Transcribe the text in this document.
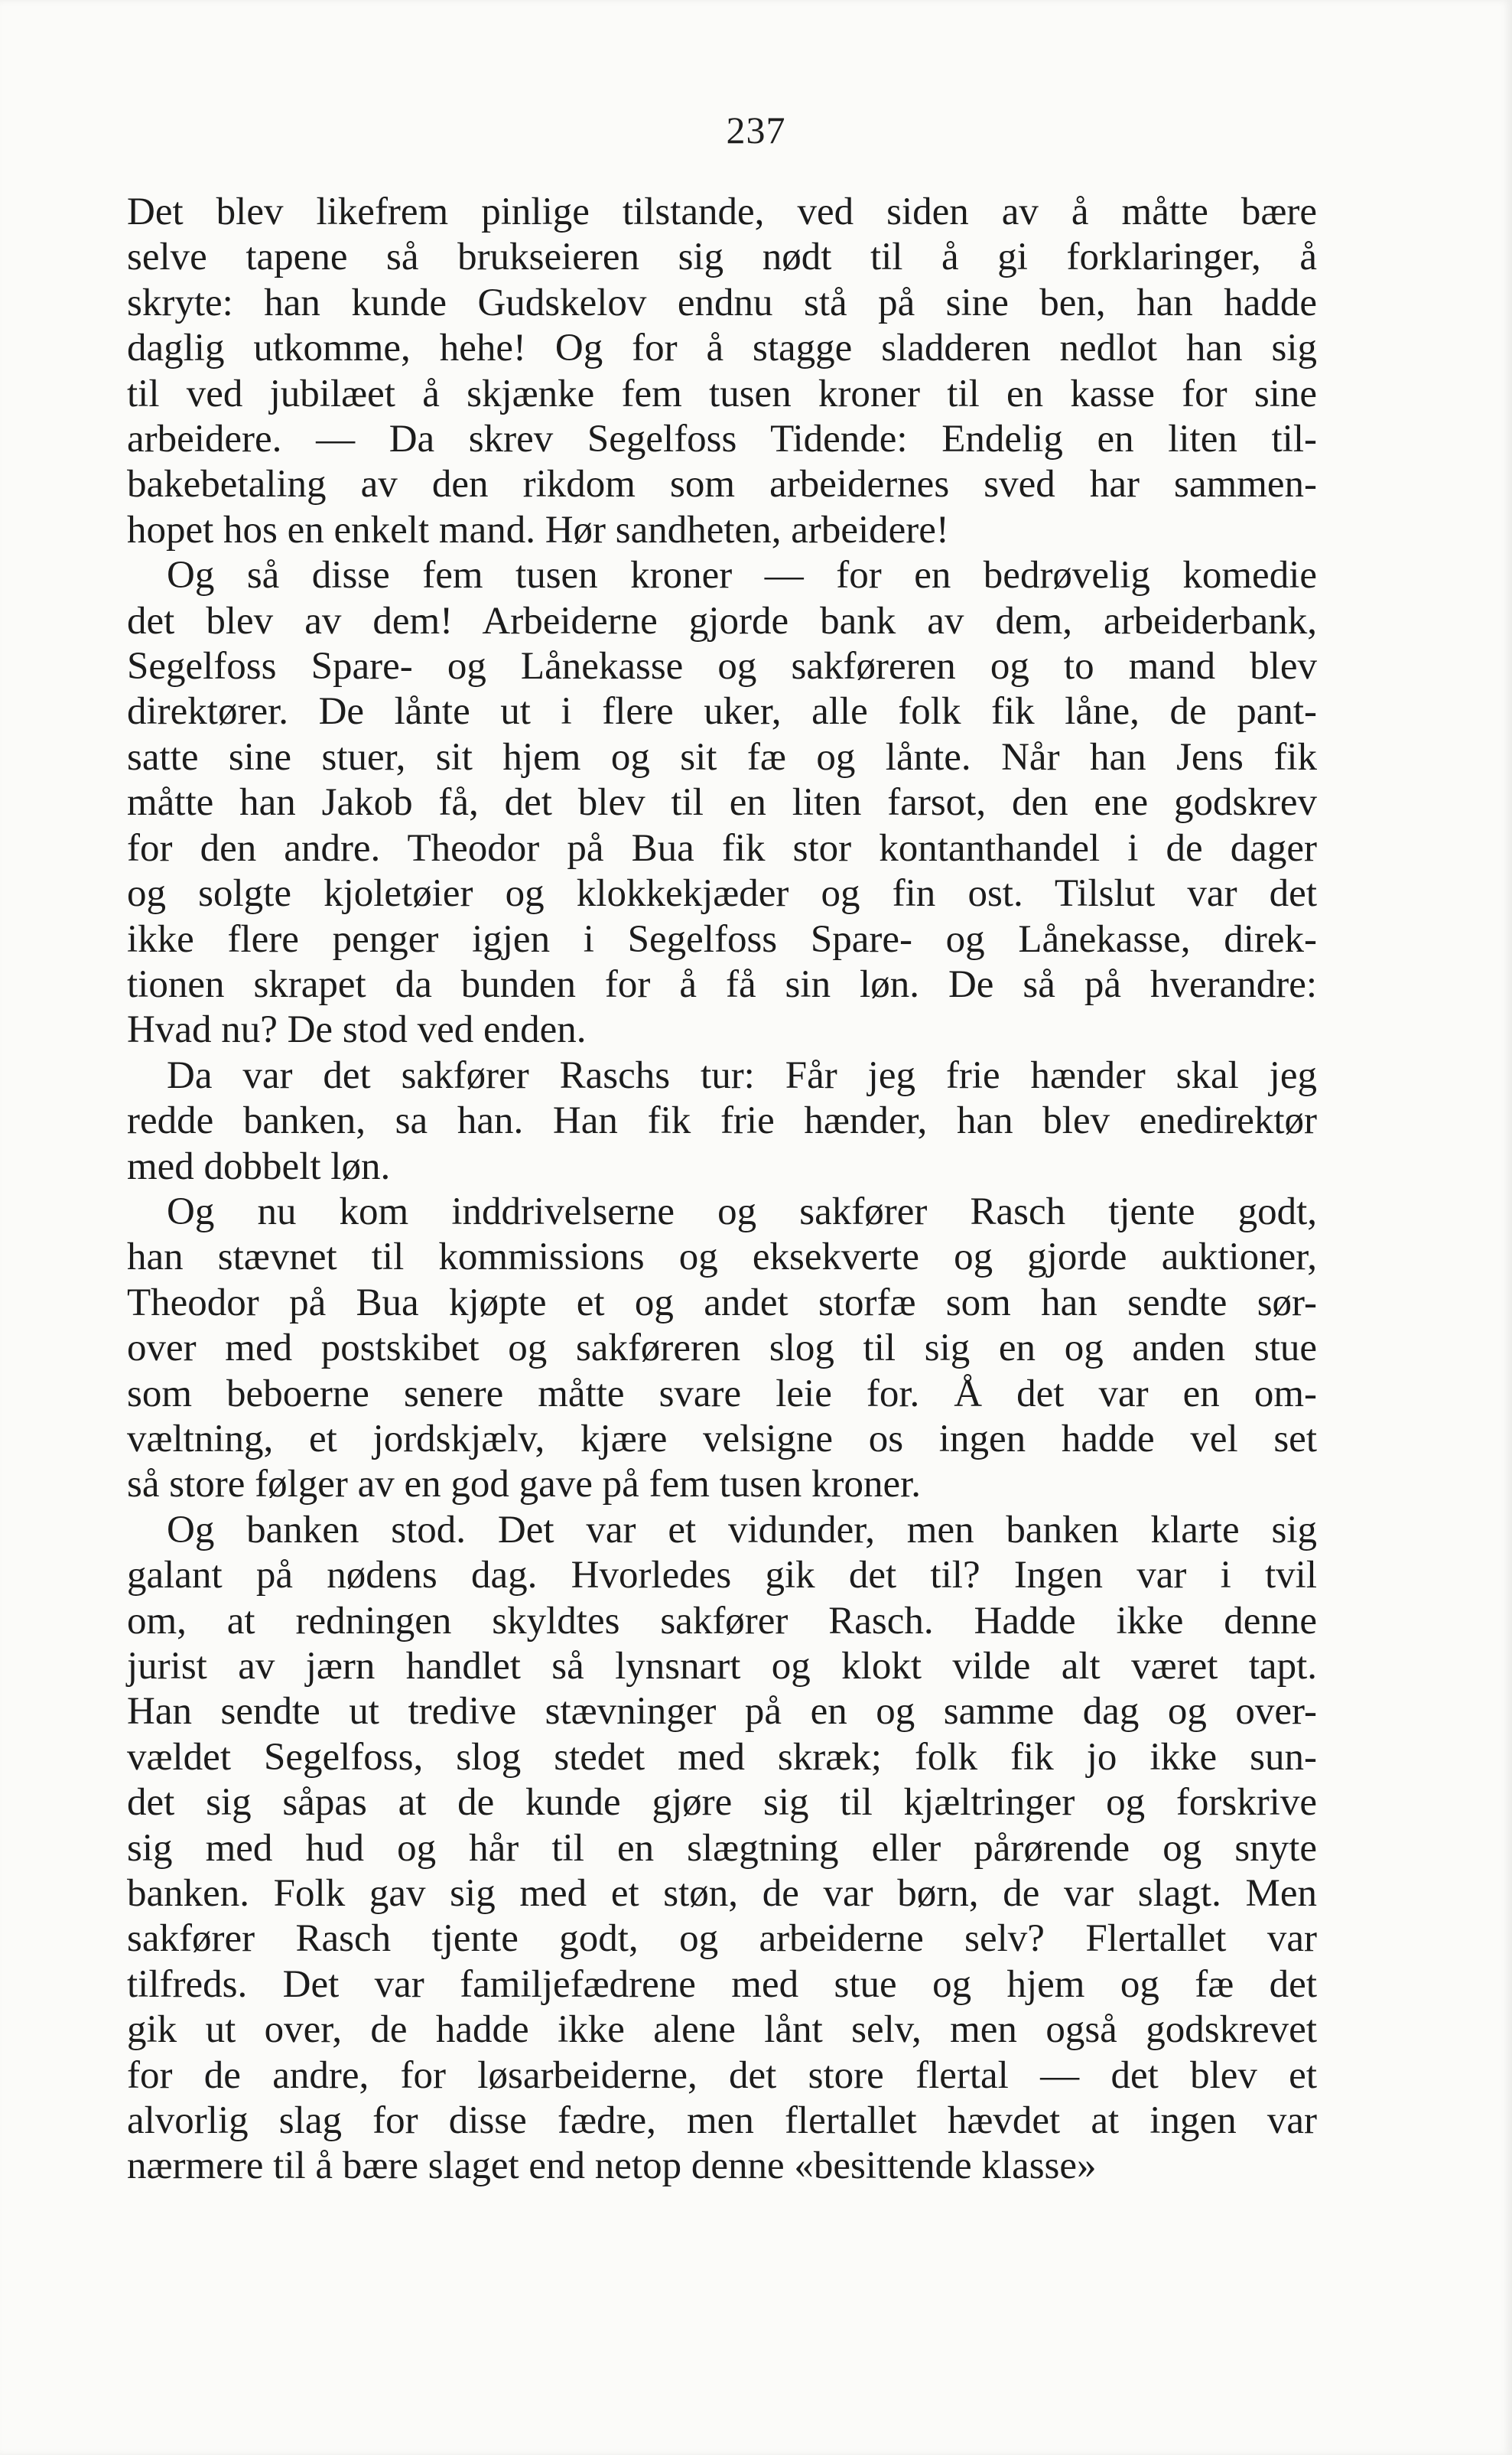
237

Det blev likefrem pinlige tilstande, ved siden av å måtte bære
selve tapene så brukseieren sig nødt til å gi forklaringer, å
skryte: han kunde Gudskelov endnu stå på sine ben, han hadde
daglig utkomme, hehe! Og for å stagge sladderen nedlot han sig
til ved jubilæet å skjænke fem tusen kroner til en kasse for sine
arbeidere. — Da skrev Segelfoss Tidende: Endelig en liten til-
bakebetaling av den rikdom som arbeidernes sved har sammen-
hopet hos en enkelt mand. Hør sandheten, arbeidere!

Og så disse fem tusen kroner — for en bedrøvelig komedie
det blev av dem! Arbeiderne gjorde bank av dem, arbeiderbank,
Segelfoss Spare- og Lånekasse og sakføreren og to mand blev
direktører. De lånte ut i flere uker, alle folk fik låne, de pant-
satte sine stuer, sit hjem og sit fæ og lånte. Når han Jens fik
måtte han Jakob få, det blev til en liten farsot, den ene godskrev
for den andre. Theodor på Bua fik stor kontanthandel i de dager
og solgte kjoletøier og klokkekjæder og fin ost. Tilslut var det
ikke flere penger igjen i Segelfoss Spare- og Lånekasse, direk-
tionen skrapet da bunden for å få sin løn. De så på hverandre:
Hvad nu? De stod ved enden.

Da var det sakfører Raschs tur: Får jeg frie hænder skal jeg
redde banken, sa han. Han fik frie hænder, han blev enedirektør
med dobbelt løn.

Og nu kom inddrivelserne og sakfører Rasch tjente godt,
han stævnet til kommissions og eksekverte og gjorde auktioner,
Theodor på Bua kjøpte et og andet storfæ som han sendte sør-
over med postskibet og sakføreren slog til sig en og anden stue
som beboerne senere måtte svare leie for. Å det var en om-
væltning, et jordskjælv, kjære velsigne os ingen hadde vel set
så store følger av en god gave på fem tusen kroner.

Og banken stod. Det var et vidunder, men banken klarte sig
galant på nødens dag. Hvorledes gik det til? Ingen var i tvil
om, at redningen skyldtes sakfører Rasch. Hadde ikke denne
jurist av jærn handlet så lynsnart og klokt vilde alt været tapt.
Han sendte ut tredive stævninger på en og samme dag og over-
vældet Segelfoss, slog stedet med skræk; folk fik jo ikke sun-
det sig såpas at de kunde gjøre sig til kjæltringer og forskrive
sig med hud og hår til en slægtning eller pårørende og snyte
banken. Folk gav sig med et støn, de var børn, de var slagt. Men
sakfører Rasch tjente godt, og arbeiderne selv? Flertallet var
tilfreds. Det var familjefædrene med stue og hjem og fæ det
gik ut over, de hadde ikke alene lånt selv, men også godskrevet
for de andre, for løsarbeiderne, det store flertal — det blev et
alvorlig slag for disse fædre, men flertallet hævdet at ingen var
nærmere til å bære slaget end netop denne «besittende klasse»
